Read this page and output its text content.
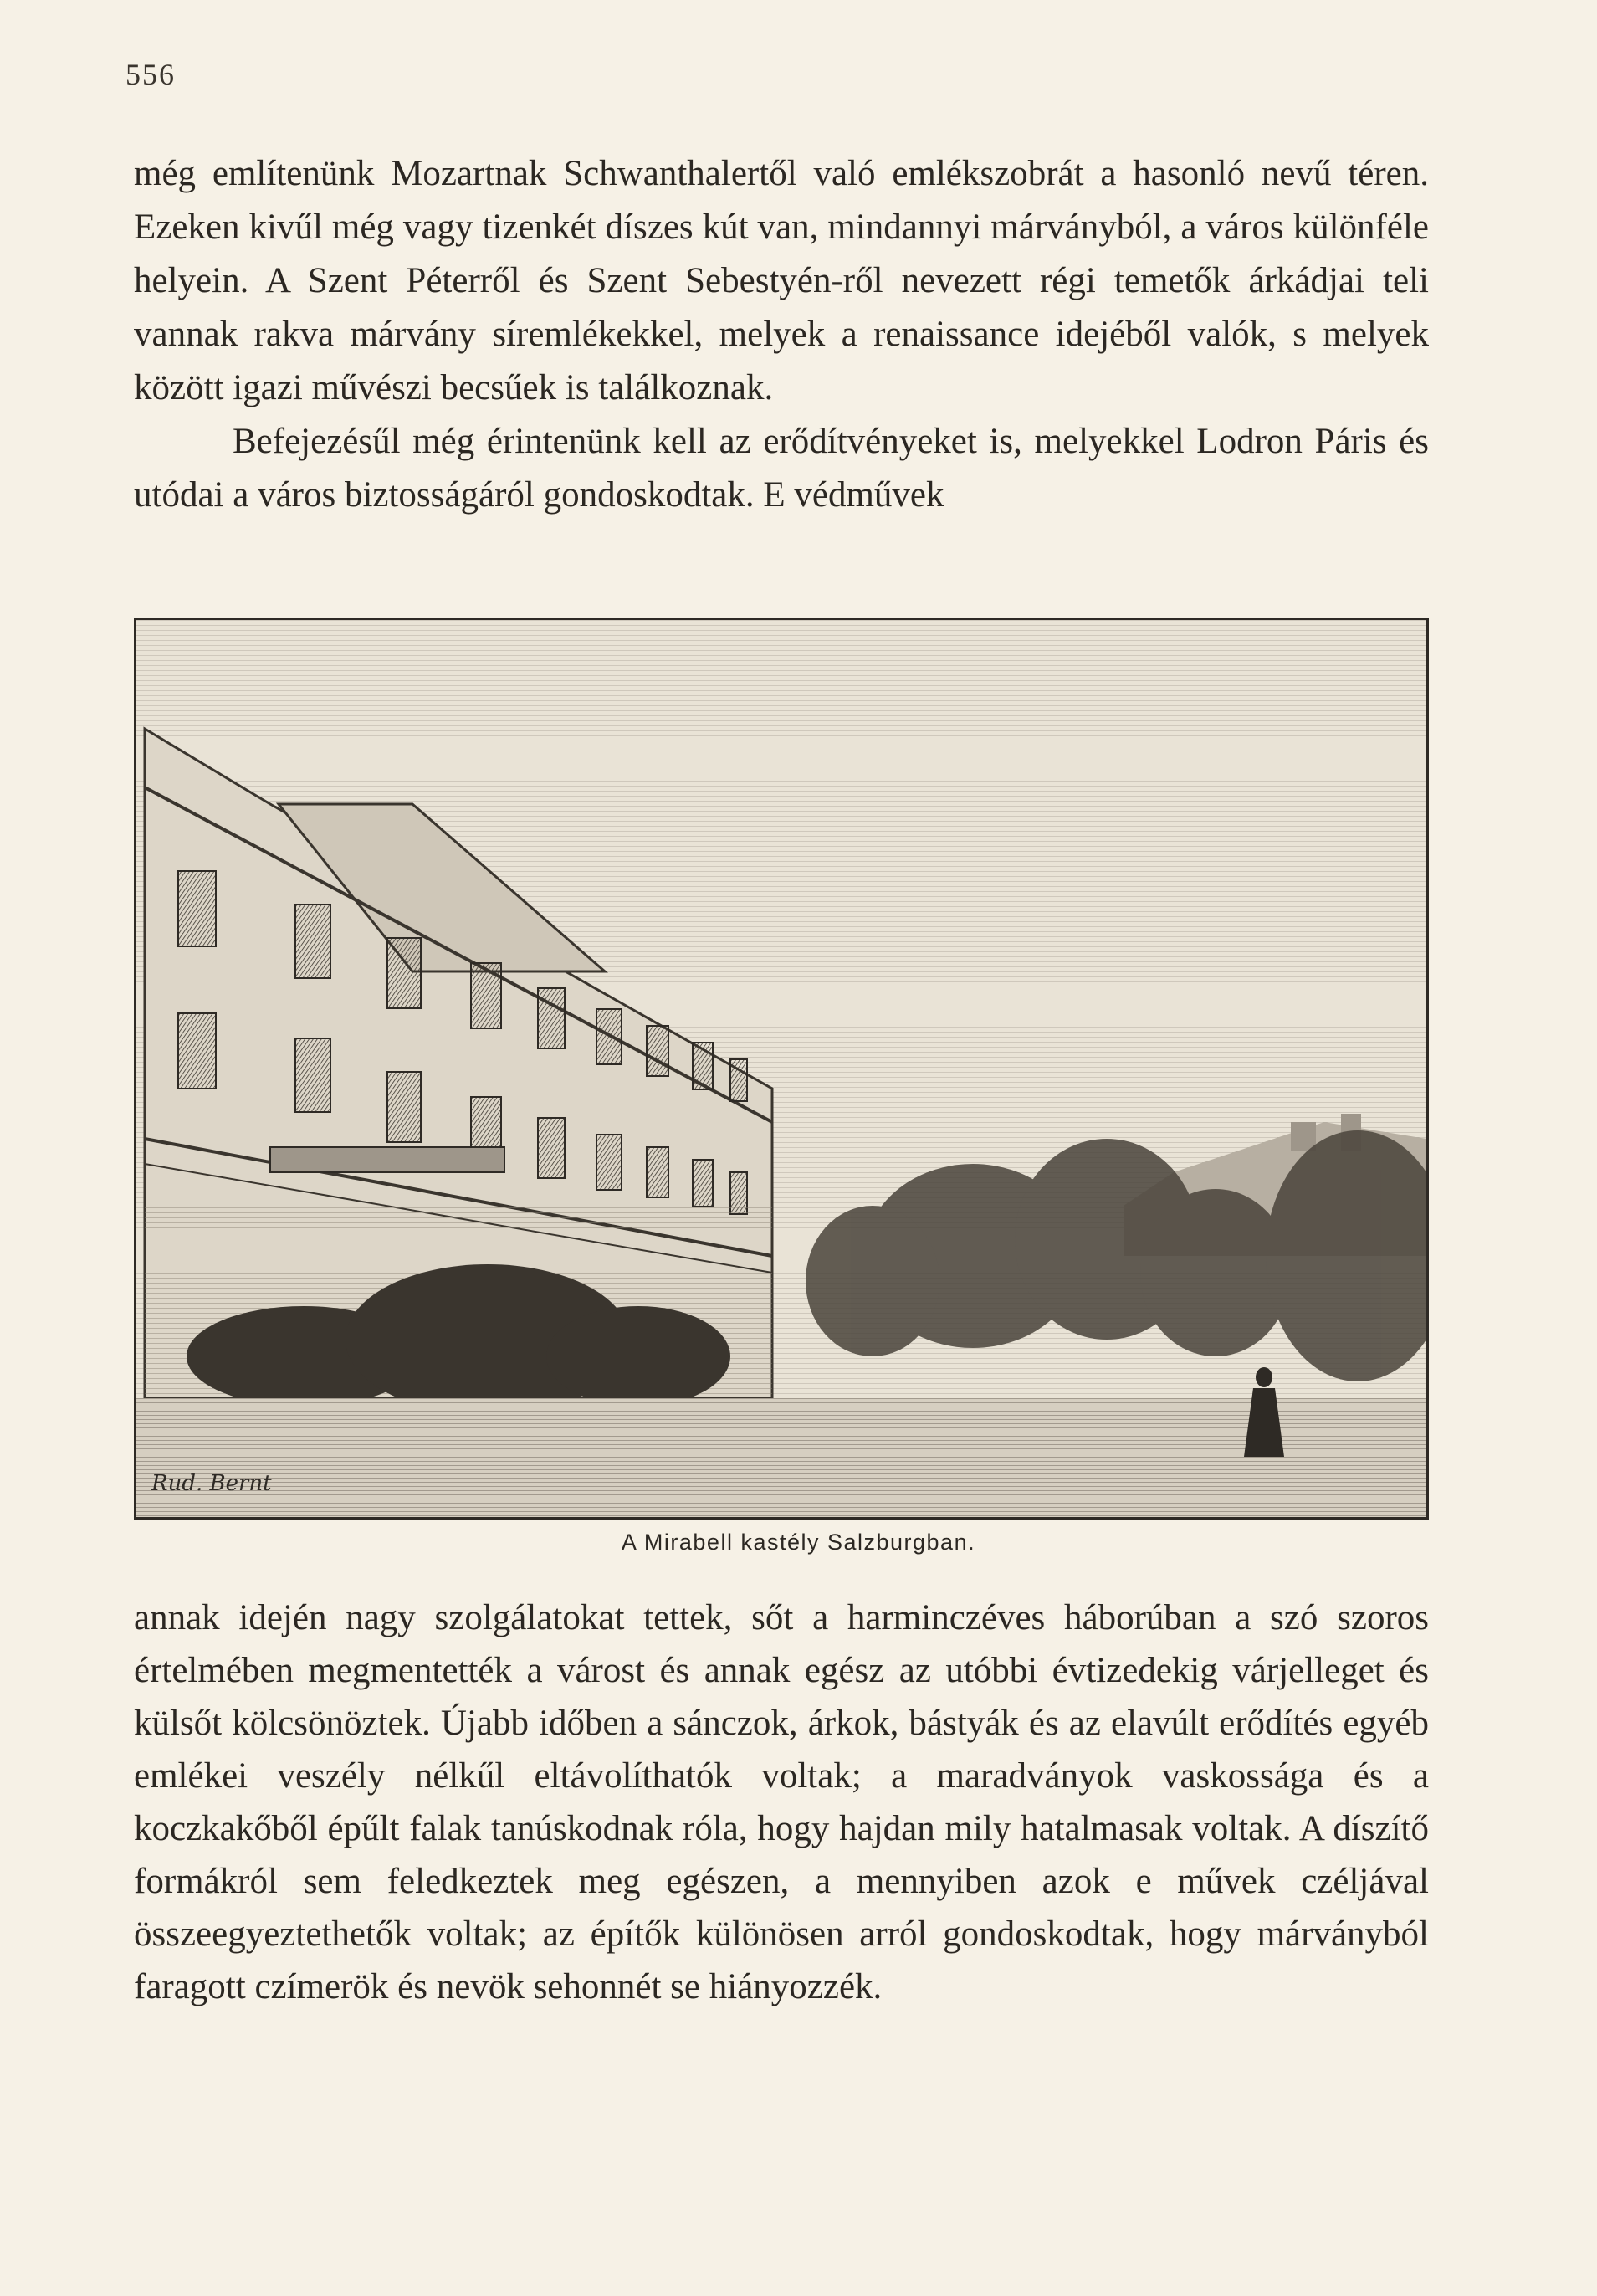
556

még említenünk Mozartnak Schwanthalertől való emlékszobrát a hasonló nevű téren. Ezeken kivűl még vagy tizenkét díszes kút van, mindannyi márványból, a város különféle helyein. A Szent Péterről és Szent Sebestyén-ről nevezett régi temetők árkádjai teli vannak rakva márvány síremlékekkel, melyek a renaissance idejéből valók, s melyek között igazi művészi becsűek is találkoznak.

Befejezésűl még érintenünk kell az erődítvényeket is, melyekkel Lodron Páris és utódai a város biztosságáról gondoskodtak. E védművek

Rud. Bernt
A Mirabell kastély Salzburgban.

annak idején nagy szolgálatokat tettek, sőt a harminczéves háborúban a szó szoros értelmében megmentették a várost és annak egész az utóbbi évtizedekig várjelleget és külsőt kölcsönöztek. Újabb időben a sánczok, árkok, bástyák és az elavúlt erődítés egyéb emlékei veszély nélkűl eltávolíthatók voltak; a maradványok vaskossága és a koczkakőből épűlt falak tanúskodnak róla, hogy hajdan mily hatalmasak voltak. A díszítő formákról sem feledkeztek meg egészen, a mennyiben azok e művek czéljával összeegyeztethetők voltak; az építők különösen arról gondoskodtak, hogy márványból faragott czímerök és nevök sehonnét se hiányozzék.
